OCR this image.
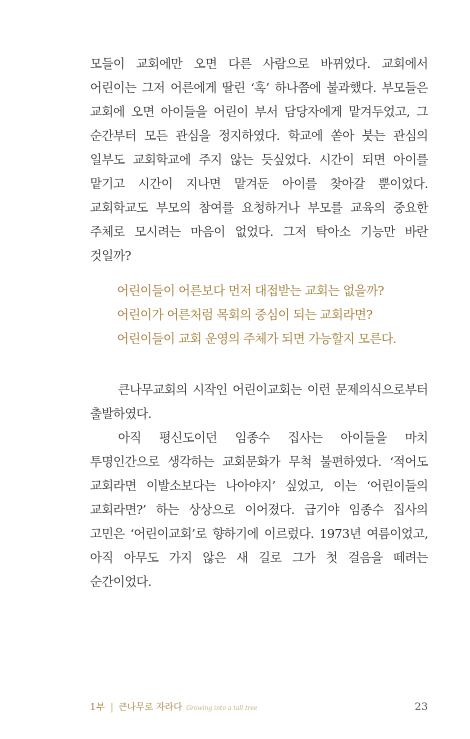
모들이 교회에만 오면 다른 사람으로 바뀌었다. 교회에서 어린이는 그저 어른에게 딸린 ‘혹’ 하나쯤에 불과했다. 부모들은 교회에 오면 아이들을 어린이 부서 담당자에게 맡겨두었고, 그 순간부터 모든 관심을 정지하였다. 학교에 쏟아 붓는 관심의 일부도 교회학교에 주지 않는 듯싶었다. 시간이 되면 아이를 맡기고 시간이 지나면 맡겨둔 아이를 찾아갈 뿐이었다. 교회학교도 부모의 참여를 요청하거나 부모를 교육의 중요한 주체로 모시려는 마음이 없었다. 그저 탁아소 기능만 바란 것일까?

어린이들이 어른보다 먼저 대접받는 교회는 없을까?

어린이가 어른처럼 목회의 중심이 되는 교회라면?

어린이들이 교회 운영의 주체가 되면 가능할지 모른다.

큰나무교회의 시작인 어린이교회는 이런 문제의식으로부터 출발하였다.

아직 평신도이던 임종수 집사는 아이들을 마치 투명인간으로 생각하는 교회문화가 무척 불편하였다. ‘적어도 교회라면 이발소보다는 나아야지’ 싶었고, 이는 ‘어린이들의 교회라면?’ 하는 상상으로 이어졌다. 급기야 임종수 집사의 고민은 ‘어린이교회’로 향하기에 이르렀다. 1973년 여름이었고, 아직 아무도 가지 않은 새 길로 그가 첫 걸음을 떼려는 순간이었다.

1부 | 큰나무로 자라다 Growing into a tall tree	23
